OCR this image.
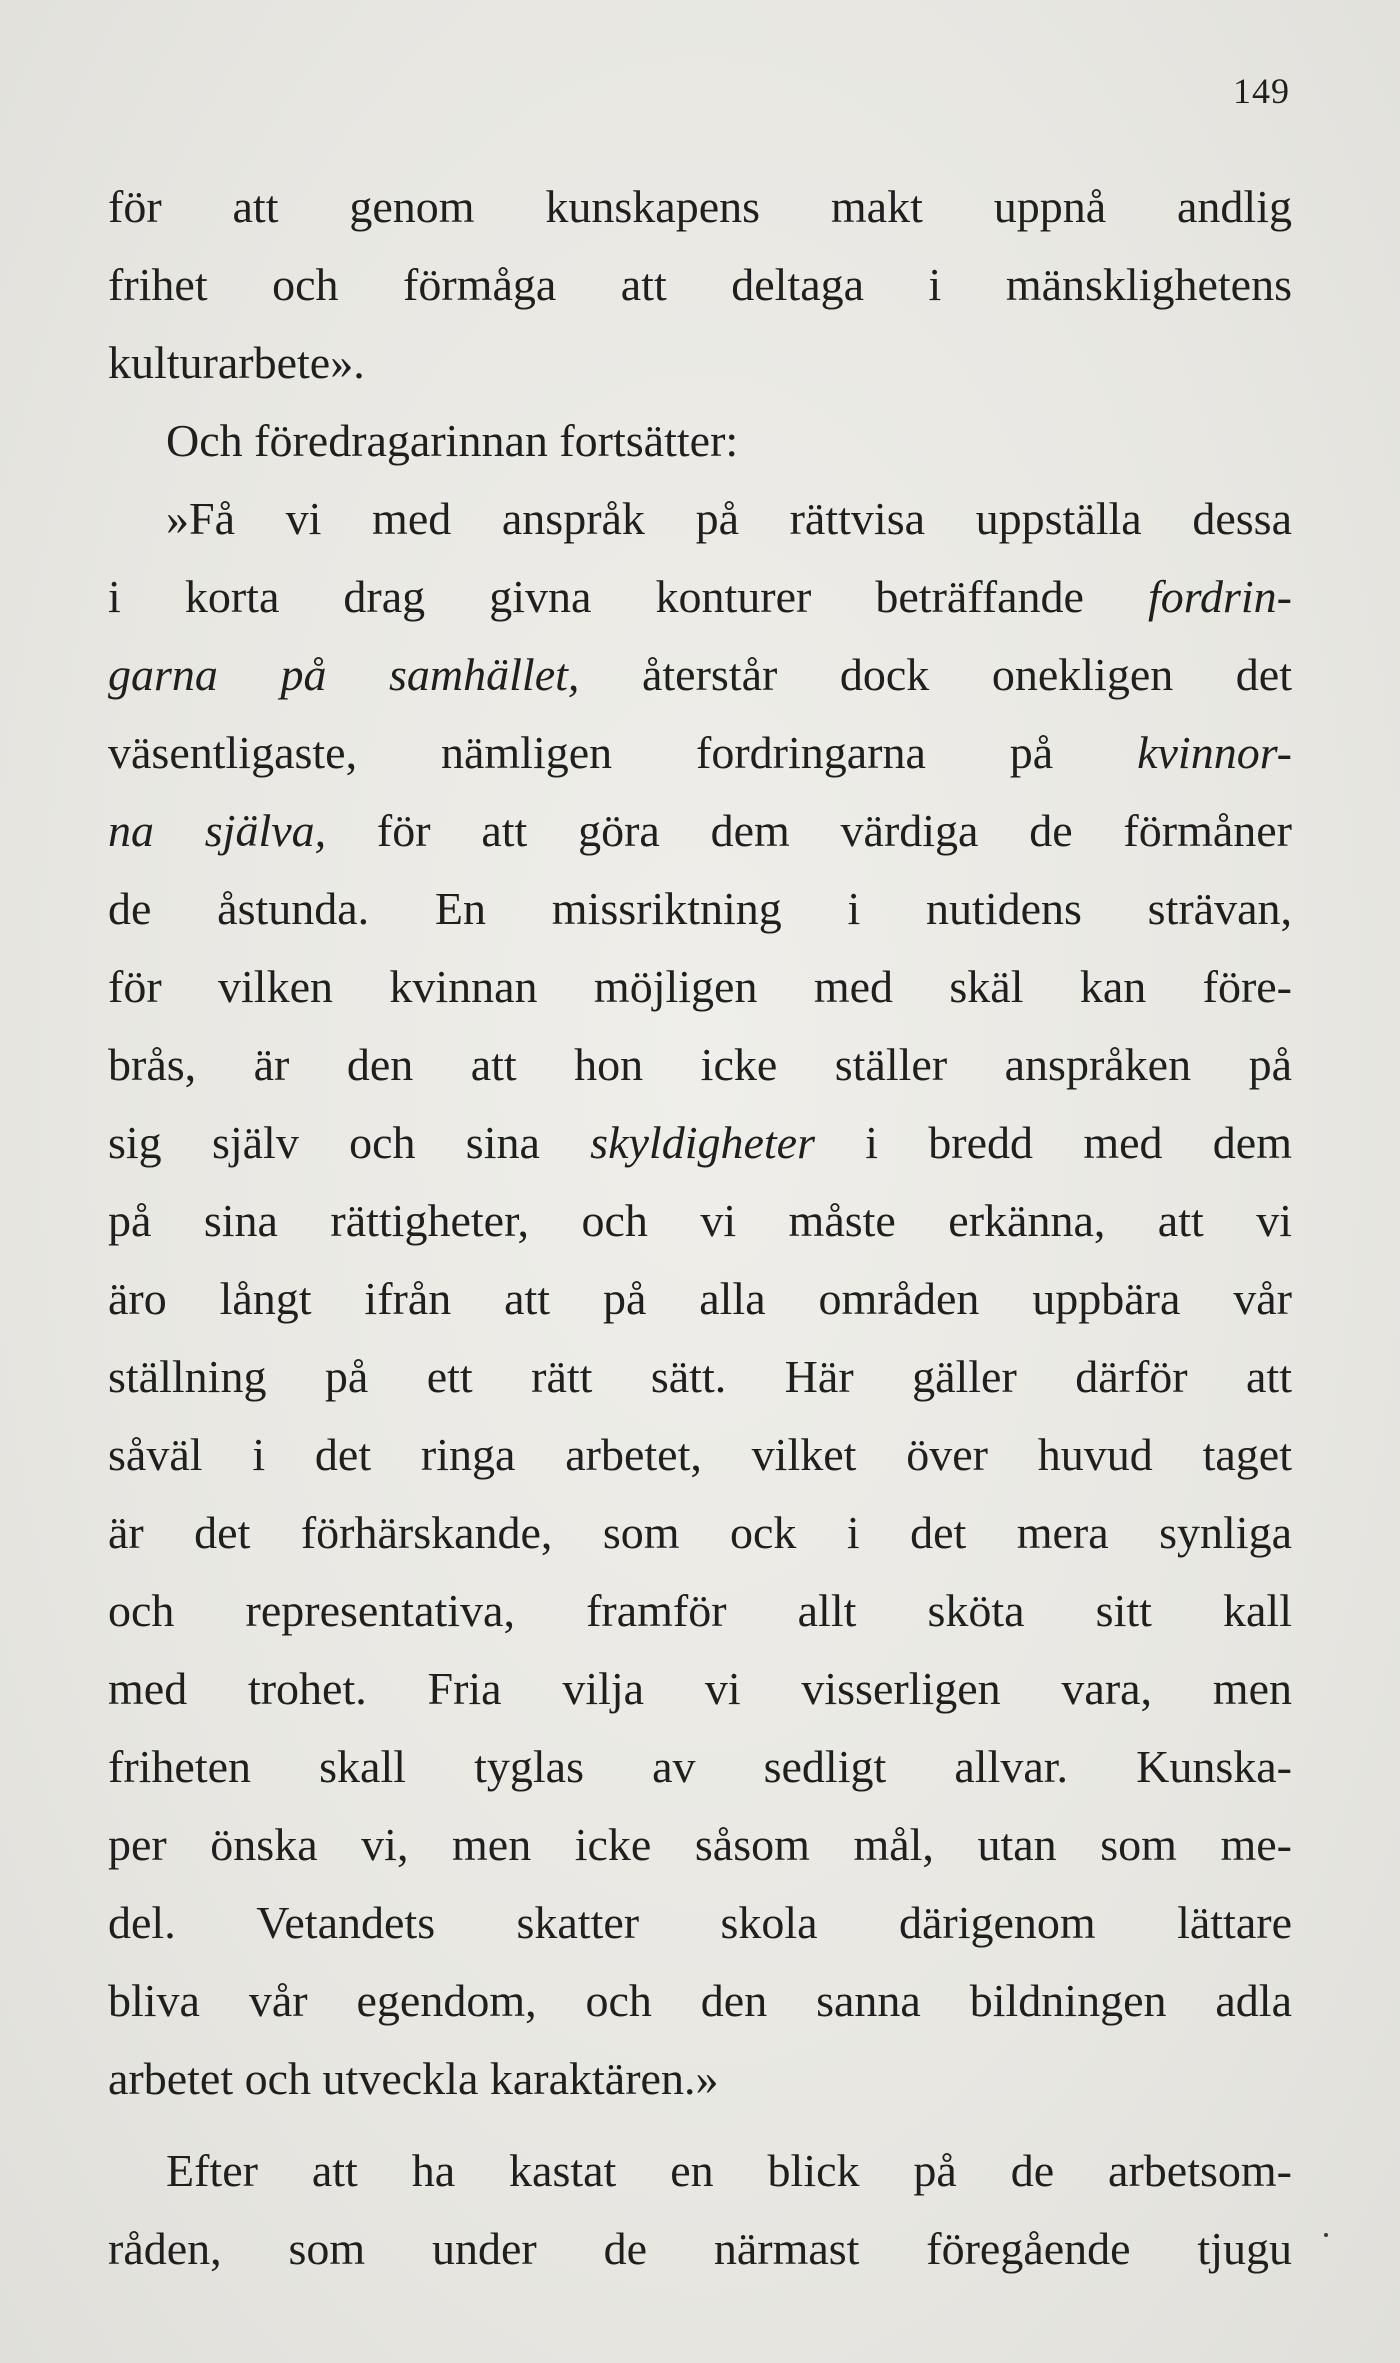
149
för att genom kunskapens makt uppnå andlig
frihet och förmåga att deltaga i mänsklighetens
kulturarbete».
Och föredragarinnan fortsätter:
»Få vi med anspråk på rättvisa uppställa dessa
i korta drag givna konturer beträffande fordrin-
garna på samhället, återstår dock onekligen det
väsentligaste, nämligen fordringarna på kvinnor-
na själva, för att göra dem värdiga de förmåner
de åstunda. En missriktning i nutidens strävan,
för vilken kvinnan möjligen med skäl kan före-
brås, är den att hon icke ställer anspråken på
sig själv och sina skyldigheter i bredd med dem
på sina rättigheter, och vi måste erkänna, att vi
äro långt ifrån att på alla områden uppbära vår
ställning på ett rätt sätt. Här gäller därför att
såväl i det ringa arbetet, vilket över huvud taget
är det förhärskande, som ock i det mera synliga
och representativa, framför allt sköta sitt kall
med trohet. Fria vilja vi visserligen vara, men
friheten skall tyglas av sedligt allvar. Kunska-
per önska vi, men icke såsom mål, utan som me-
del. Vetandets skatter skola därigenom lättare
bliva vår egendom, och den sanna bildningen adla
arbetet och utveckla karaktären.»
Efter att ha kastat en blick på de arbetsom-
råden, som under de närmast föregående tjugu
